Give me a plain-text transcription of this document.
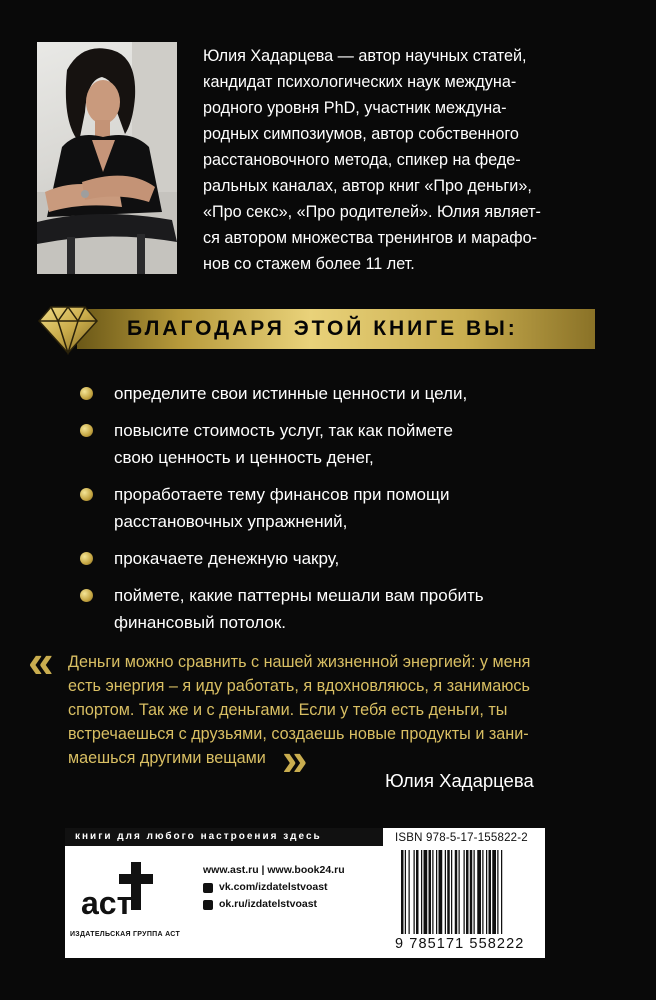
Юлия Хадарцева — автор научных статей,
кандидат психологических наук междуна-
родного уровня PhD, участник междуна-
родных симпозиумов, автор собственного
расстановочного метода, спикер на феде-
ральных каналах, автор книг «Про деньги»,
«Про секс», «Про родителей». Юлия являет-
ся автором множества тренингов и марафо-
нов со стажем более 11 лет.
БЛАГОДАРЯ ЭТОЙ КНИГЕ ВЫ:
определите свои истинные ценности и цели,
повысите стоимость услуг, так как поймете
свою ценность и ценность денег,
проработаете тему финансов при помощи
расстановочных упражнений,
прокачаете денежную чакру,
поймете, какие паттерны мешали вам пробить
финансовый потолок.
« Деньги можно сравнить с нашей жизненной энергией: у меня
есть энергия – я иду работать, я вдохновляюсь, я занимаюсь
спортом. Так же и с деньгами. Если у тебя есть деньги, ты
встречаешься с друзьями, создаешь новые продукты и зани-
маешься другими вещами »	Юлия Хадарцева
книги для любого настроения здесь
аст
ИЗДАТЕЛЬСКАЯ ГРУППА АСТ
www.ast.ru | www.book24.ru
vk.com/izdatelstvoast
ok.ru/izdatelstvoast
ISBN 978-5-17-155822-2
9 785171 558222
